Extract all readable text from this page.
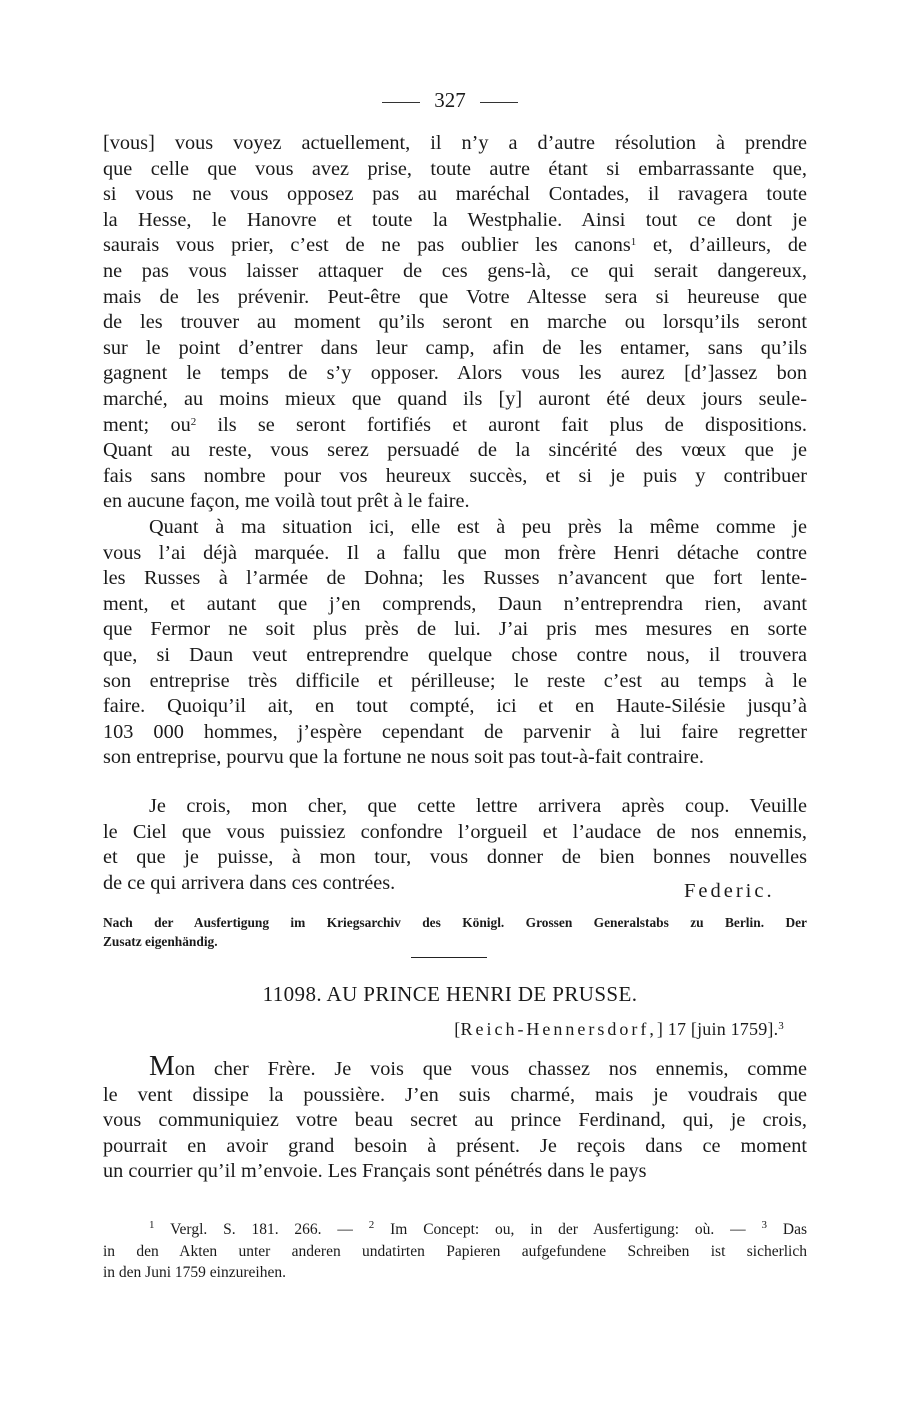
327
[vous] vous voyez actuellement, il n’y a d’autre résolution à prendre
que celle que vous avez prise, toute autre étant si embarrassante que,
si vous ne vous opposez pas au maréchal Contades, il ravagera toute
la Hesse, le Hanovre et toute la Westphalie. Ainsi tout ce dont je
saurais vous prier, c’est de ne pas oublier les canons$^1$ et, d’ailleurs, de
ne pas vous laisser attaquer de ces gens-là, ce qui serait dangereux,
mais de les prévenir. Peut-être que Votre Altesse sera si heureuse que
de les trouver au moment qu’ils seront en marche ou lorsqu’ils seront
sur le point d’entrer dans leur camp, afin de les entamer, sans qu’ils
gagnent le temps de s’y opposer. Alors vous les aurez [d’]assez bon
marché, au moins mieux que quand ils [y] auront été deux jours seule-
ment; $ou^2$ ils se seront fortifiés et auront fait plus de dispositions.
Quant au reste, vous serez persuadé de la sincérité des vœux que je
fais sans nombre pour vos heureux succès, et si je puis y contribuer
en aucune façon, me voilà tout prêt à le faire.
Quant à ma situation ici, elle est à peu près la même comme je
vous l’ai déjà marquée. Il a fallu que mon frère Henri détache contre
les Russes à l’armée de Dohna; les Russes n’avancent que fort lente-
ment, et autant que j’en comprends, Daun n’entreprendra rien, avant
que Fermor ne soit plus près de lui. J’ai pris mes mesures en sorte
que, si Daun veut entreprendre quelque chose contre nous, il trouvera
son entreprise très difficile et périlleuse; le reste c’est au temps à le
faire. Quoiqu’il ait, en tout compté, ici et en Haute-Silésie jusqu’à
103 000 hommes, j’espère cependant de parvenir à lui faire regretter
son entreprise, pourvu que la fortune ne nous soit pas tout-à-fait contraire.
Je crois, mon cher, que cette lettre arrivera après coup. Veuille
le Ciel que vous puissiez confondre l’orgueil et l’audace de nos ennemis,
et que je puisse, à mon tour, vous donner de bien bonnes nouvelles
de ce qui arrivera dans ces contrées.	Federic.
Nach der Ausfertigung im Kriegsarchiv des Königl. Grossen Generalstabs zu Berlin. Der
Zusatz eigenhändig.
11098. AU PRINCE HENRI DE PRUSSE.
[Reich-Hennersdorf,] 17 [juin 1759].$^3$
Mon cher Frère. Je vois que vous chassez nos ennemis, comme
le vent dissipe la poussière. J’en suis charmé, mais je voudrais que
vous communiquiez votre beau secret au prince Ferdinand, qui, je crois,
pourrait en avoir grand besoin à présent. Je reçois dans ce moment
un courrier qu’il m’envoie. Les Français sont pénétrés dans le pays
$^1$ Vergl. S. 181. 266. — $^2$ Im Concept: ou, in der Ausfertigung: où. — $^3$ Das
in den Akten unter anderen undatirten Papieren aufgefundene Schreiben ist sicherlich
in den Juni 1759 einzureihen.
